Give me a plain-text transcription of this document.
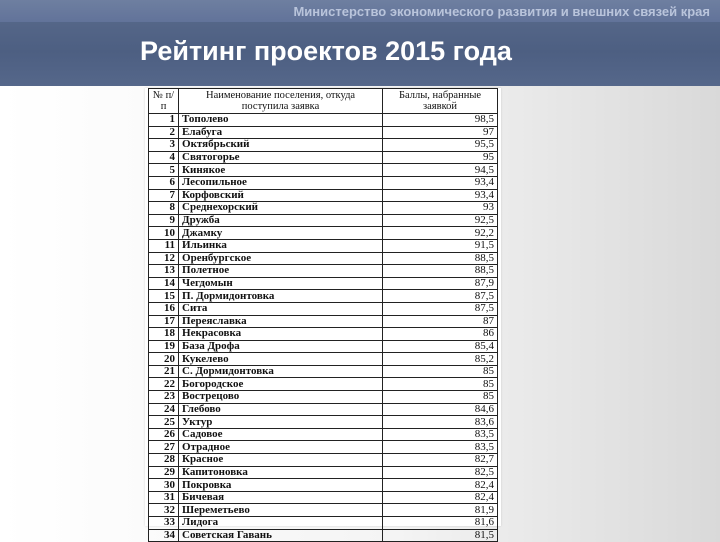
Министерство экономического развития и внешних связей края
Рейтинг проектов 2015 года
№ п/п	Наименование поселения, откуда поступила заявка	Баллы, набранные заявкой
1	Тополево	98,5
2	Елабуга	97
3	Октябрьский	95,5
4	Святогорье	95
5	Кинякое	94,5
6	Лесопильное	93,4
7	Корфовский	93,4
8	Среднехорский	93
9	Дружба	92,5
10	Джамку	92,2
11	Ильинка	91,5
12	Оренбургское	88,5
13	Полетное	88,5
14	Чегдомын	87,9
15	П. Дормидонтовка	87,5
16	Сита	87,5
17	Переяславка	87
18	Некрасовка	86
19	База Дрофа	85,4
20	Кукелево	85,2
21	С. Дормидонтовка	85
22	Богородское	85
23	Вострецово	85
24	Глебово	84,6
25	Уктур	83,6
26	Садовое	83,5
27	Отрадное	83,5
28	Красное	82,7
29	Капитоновка	82,5
30	Покровка	82,4
31	Бичевая	82,4
32	Шереметьево	81,9
33	Лидога	81,6
34	Советская Гавань	81,5
